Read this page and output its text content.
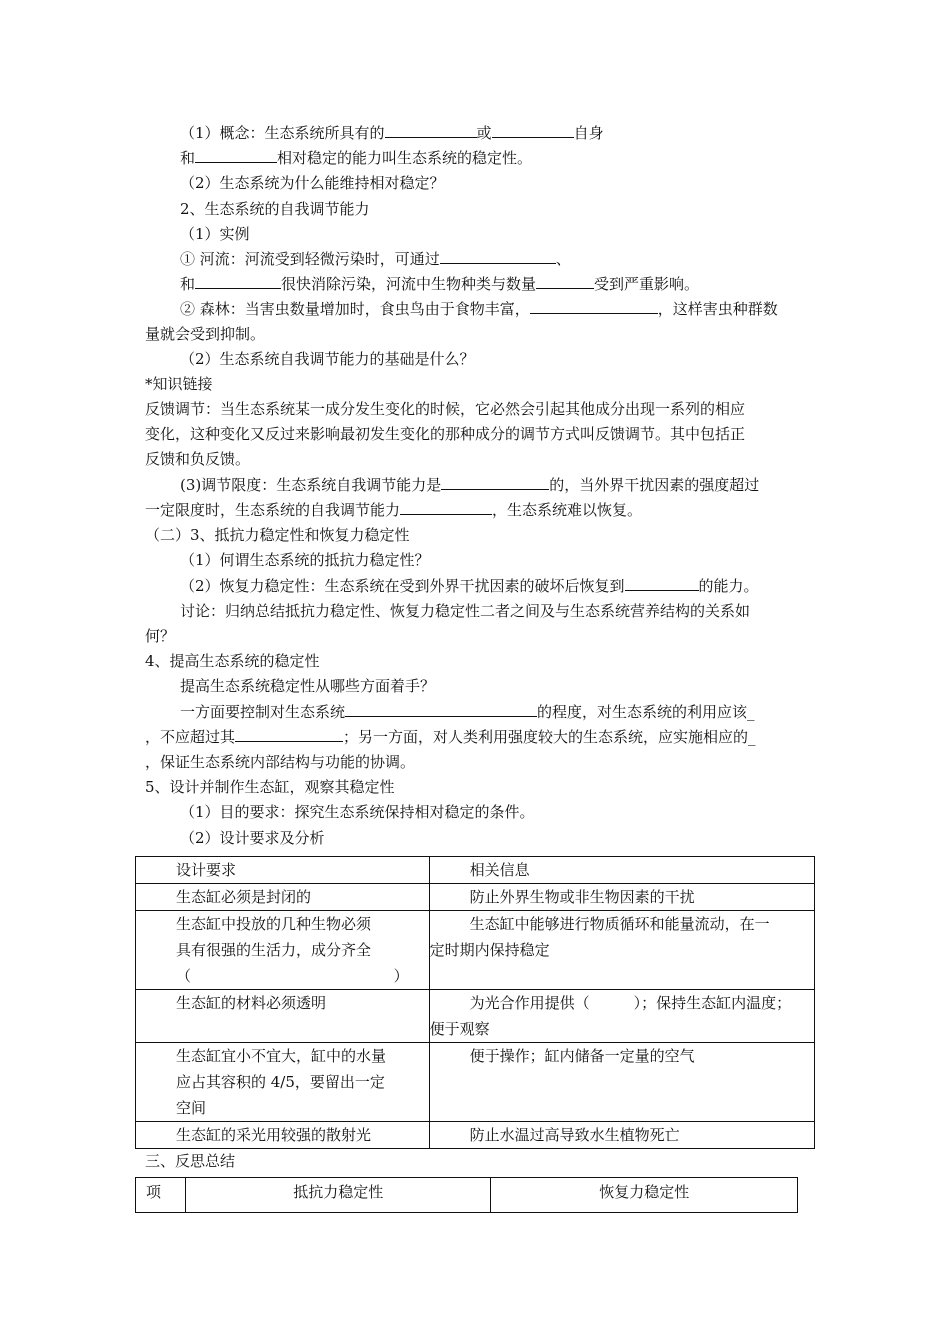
（1）概念：生态系统所具有的	或	自身
和	相对稳定的能力叫生态系统的稳定性。
（2）生态系统为什么能维持相对稳定？
2、生态系统的自我调节能力
（1）实例
① 河流：河流受到轻微污染时，可通过	、
和	很快消除污染，河流中生物种类与数量	受到严重影响。
② 森林：当害虫数量增加时，食虫鸟由于食物丰富，	，这样害虫种群数
量就会受到抑制。
（2）生态系统自我调节能力的基础是什么？
*知识链接
反馈调节：当生态系统某一成分发生变化的时候，它必然会引起其他成分出现一系列的相应
变化，这种变化又反过来影响最初发生变化的那种成分的调节方式叫反馈调节。其中包括正
反馈和负反馈。
(3)调节限度：生态系统自我调节能力是	的，当外界干扰因素的强度超过
一定限度时，生态系统的自我调节能力	，生态系统难以恢复。
（二）3、抵抗力稳定性和恢复力稳定性
（1）何谓生态系统的抵抗力稳定性？
（2）恢复力稳定性：生态系统在受到外界干扰因素的破坏后恢复到	的能力。
讨论：归纳总结抵抗力稳定性、恢复力稳定性二者之间及与生态系统营养结构的关系如
何？
4、提高生态系统的稳定性
提高生态系统稳定性从哪些方面着手？
一方面要控制对生态系统	的程度，对生态系统的利用应该_
，不应超过其	；另一方面，对人类利用强度较大的生态系统，应实施相应的_
，保证生态系统内部结构与功能的协调。
5、设计并制作生态缸，观察其稳定性
（1）目的要求：探究生态系统保持相对稳定的条件。
（2）设计要求及分析
设计要求	相关信息
生态缸必须是封闭的	防止外界生物或非生物因素的干扰

生态缸中投放的几种生物必须
具有很强的生活力，成分齐全
（ ）	生态缸中能够进行物质循环和能量流动，在一
定时期内保持稳定

生态缸的材料必须透明	为光合作用提供（ ）；保持生态缸内温度；
便于观察

生态缸宜小不宜大，缸中的水量
应占其容积的 4/5，要留出一定
空间	便于操作；缸内储备一定量的空气
生态缸的采光用较强的散射光	防止水温过高导致水生植物死亡
三、反思总结
项	抵抗力稳定性	恢复力稳定性
